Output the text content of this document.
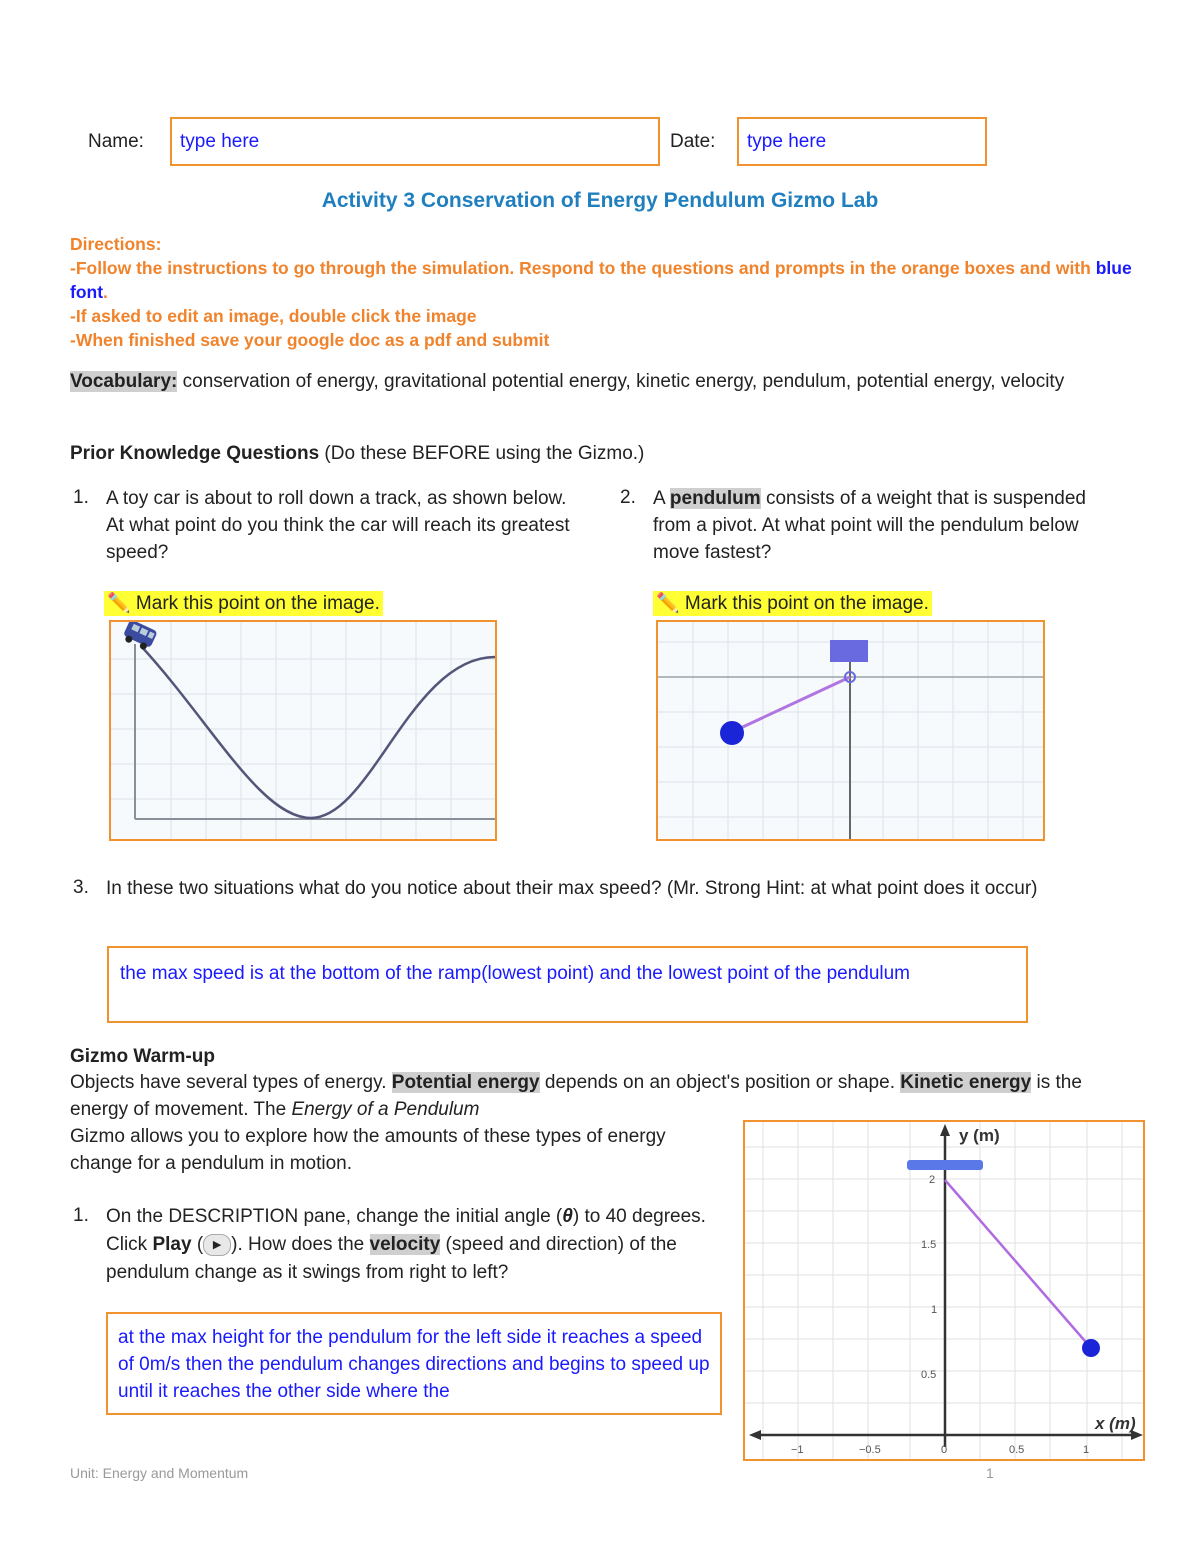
Name:	type here	Date:	type here
Activity 3 Conservation of Energy Pendulum Gizmo Lab
Directions:
-Follow the instructions to go through the simulation. Respond to the questions and prompts in the orange boxes and with blue font.
-If asked to edit an image, double click the image
-When finished save your google doc as a pdf and submit
Vocabulary: conservation of energy, gravitational potential energy, kinetic energy, pendulum, potential energy, velocity
Prior Knowledge Questions (Do these BEFORE using the Gizmo.)
1. A toy car is about to roll down a track, as shown below. At what point do you think the car will reach its greatest speed?
✏️ Mark this point on the image.
2. A pendulum consists of a weight that is suspended from a pivot. At what point will the pendulum below move fastest?
✏️ Mark this point on the image.
3. In these two situations what do you notice about their max speed? (Mr. Strong Hint: at what point does it occur)
the max speed is at the bottom of the ramp(lowest point) and the lowest point of the pendulum
Gizmo Warm-up
Objects have several types of energy. Potential energy depends on an object's position or shape. Kinetic energy is the energy of movement. The Energy of a Pendulum
Gizmo allows you to explore how the amounts of these types of energy change for a pendulum in motion.
1. On the DESCRIPTION pane, change the initial angle (θ) to 40 degrees. Click Play ( ▶ ). How does the velocity (speed and direction) of the pendulum change as it swings from right to left?
at the max height for the pendulum for the left side it reaches a speed of 0m/s then the pendulum changes directions and begins to speed up until it reaches the other side where the
y (m)
x (m)
2
1.5
1
0.5
−1	−0.5	0	0.5	1
Unit: Energy and Momentum	1
